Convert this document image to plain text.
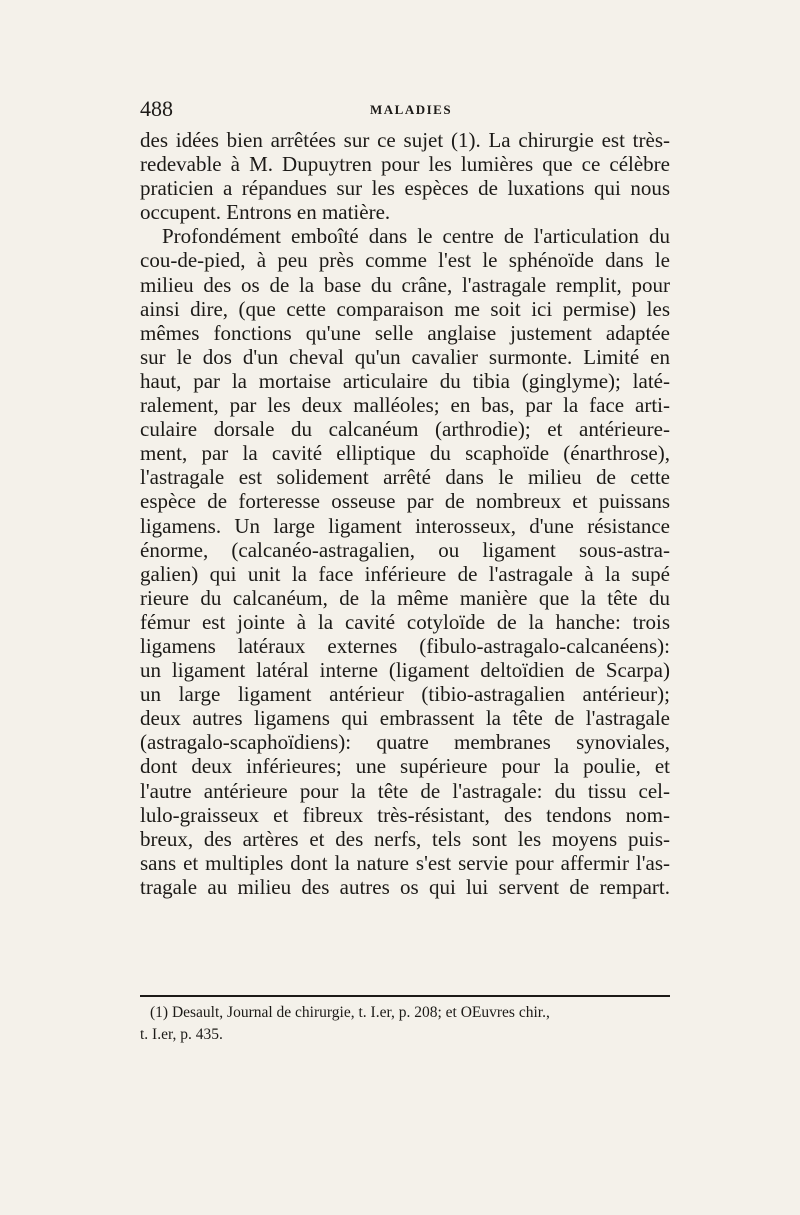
488	MALADIES
des idées bien arrêtées sur ce sujet (1). La chirurgie est très-
redevable à M. Dupuytren pour les lumières que ce célèbre
praticien a répandues sur les espèces de luxations qui nous
occupent. Entrons en matière.
Profondément emboîté dans le centre de l'articulation du
cou-de-pied, à peu près comme l'est le sphénoïde dans le
milieu des os de la base du crâne, l'astragale remplit, pour
ainsi dire, (que cette comparaison me soit ici permise) les
mêmes fonctions qu'une selle anglaise justement adaptée
sur le dos d'un cheval qu'un cavalier surmonte. Limité en
haut, par la mortaise articulaire du tibia (ginglyme); laté-
ralement, par les deux malléoles; en bas, par la face arti-
culaire dorsale du calcanéum (arthrodie); et antérieure-
ment, par la cavité elliptique du scaphoïde (énarthrose),
l'astragale est solidement arrêté dans le milieu de cette
espèce de forteresse osseuse par de nombreux et puissans
ligamens. Un large ligament interosseux, d'une résistance
énorme, (calcanéo-astragalien, ou ligament sous-astra-
galien) qui unit la face inférieure de l'astragale à la supé
rieure du calcanéum, de la même manière que la tête du
fémur est jointe à la cavité cotyloïde de la hanche: trois
ligamens latéraux externes (fibulo-astragalo-calcanéens):
un ligament latéral interne (ligament deltoïdien de Scarpa)
un large ligament antérieur (tibio-astragalien antérieur);
deux autres ligamens qui embrassent la tête de l'astragale
(astragalo-scaphoïdiens): quatre membranes synoviales,
dont deux inférieures; une supérieure pour la poulie, et
l'autre antérieure pour la tête de l'astragale: du tissu cel-
lulo-graisseux et fibreux très-résistant, des tendons nom-
breux, des artères et des nerfs, tels sont les moyens puis-
sans et multiples dont la nature s'est servie pour affermir l'as-
tragale au milieu des autres os qui lui servent de rempart.
(1) Desault, Journal de chirurgie, t. I.er, p. 208; et OEuvres chir.,
t. I.er, p. 435.
